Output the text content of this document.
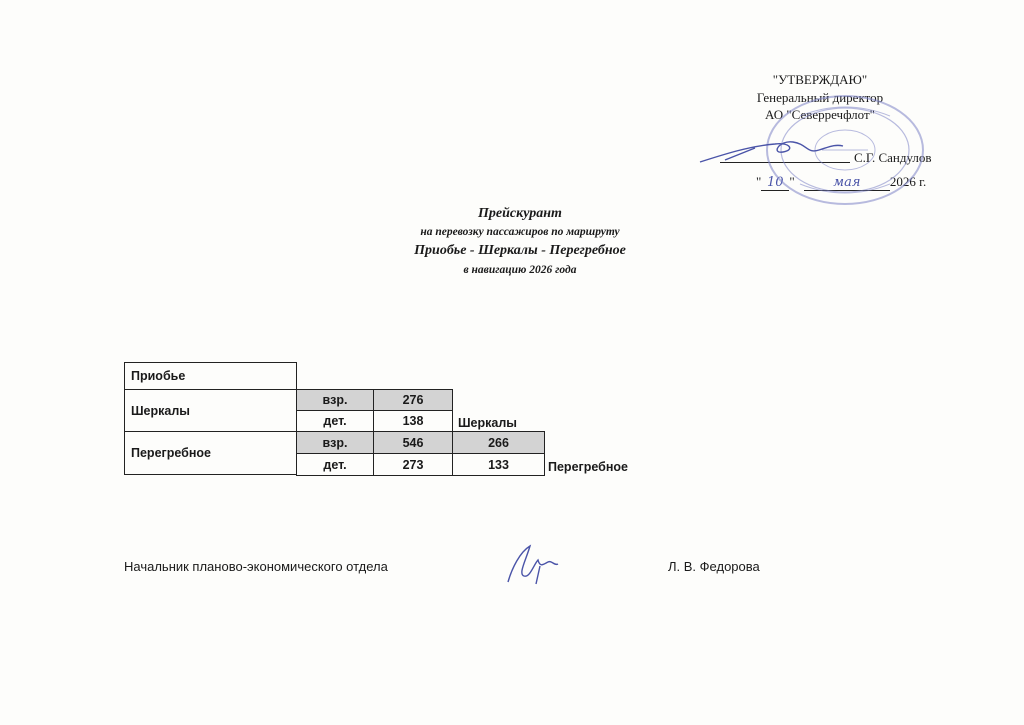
"УТВЕРЖДАЮ"
Генеральный директор
АО "Северречфлот"
С.Г. Сандулов
" 10 "	мая 2026 г.
Прейскурант
на перевозку пассажиров по маршруту
Приобье - Шеркалы - Перегребное
в навигацию 2026 года
Приобье
Шеркалы
взр.	276
дет.	138	Шеркалы
Перегребное
взр.	546	266
дет.	273	133	Перегребное
Начальник планово-экономического отдела	Л. В. Федорова
